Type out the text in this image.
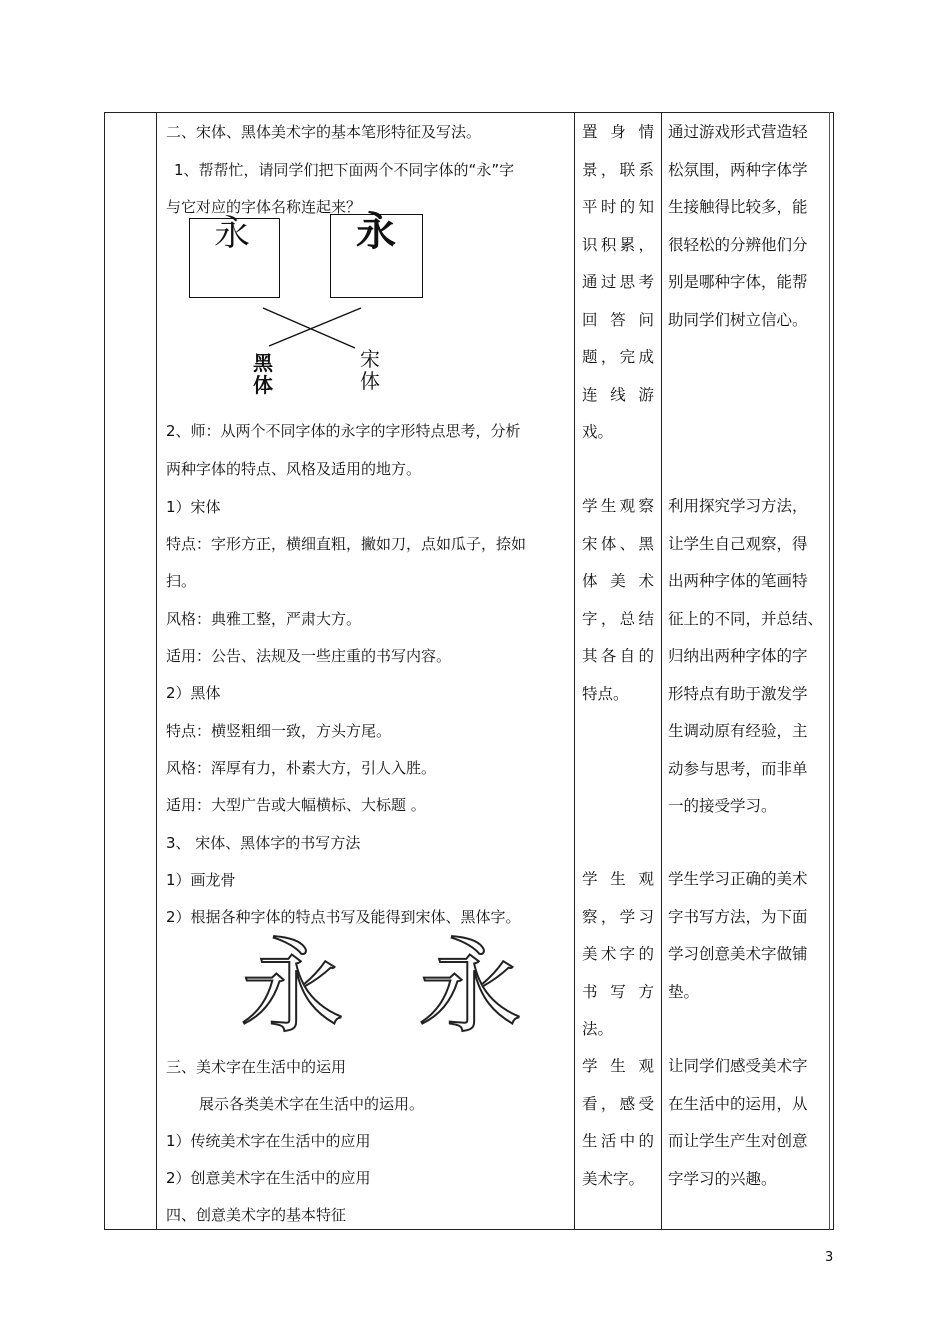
二、宋体、黑体美术字的基本笔形特征及写法。
1、帮帮忙，请同学们把下面两个不同字体的“永”字
与它对应的字体名称连起来？
永	永
黑
体
宋
体
2、师：从两个不同字体的永字的字形特点思考，分析
两种字体的特点、风格及适用的地方。
1）宋体
特点：字形方正，横细直粗，撇如刀，点如瓜子，捺如
扫。
风格：典雅工整，严肃大方。
适用：公告、法规及一些庄重的书写内容。
2）黑体
特点：横竖粗细一致，方头方尾。
风格：浑厚有力，朴素大方，引人入胜。
适用：大型广告或大幅横标、大标题 。
3、 宋体、黑体字的书写方法
1）画龙骨
2）根据各种字体的特点书写及能得到宋体、黑体字。
永 永
三、美术字在生活中的运用
展示各类美术字在生活中的运用。
1）传统美术字在生活中的应用
2）创意美术字在生活中的应用
四、创意美术字的基本特征
置身情
景，联系
平时的知
识积累，
通过思考
回答问
题，完成
连线游
戏。
学生观察
宋体、黑
体美术
字，总结
其各自的
特点。
学生观
察，学习
美术字的
书写方
法。
学生观
看，感受
生活中的
美术字。
通过游戏形式营造轻
松氛围，两种字体学
生接触得比较多，能
很轻松的分辨他们分
别是哪种字体，能帮
助同学们树立信心。
利用探究学习方法，
让学生自己观察，得
出两种字体的笔画特
征上的不同，并总结、
归纳出两种字体的字
形特点有助于激发学
生调动原有经验，主
动参与思考，而非单
一的接受学习。
学生学习正确的美术
字书写方法，为下面
学习创意美术字做铺
垫。
让同学们感受美术字
在生活中的运用，从
而让学生产生对创意
字学习的兴趣。
3
